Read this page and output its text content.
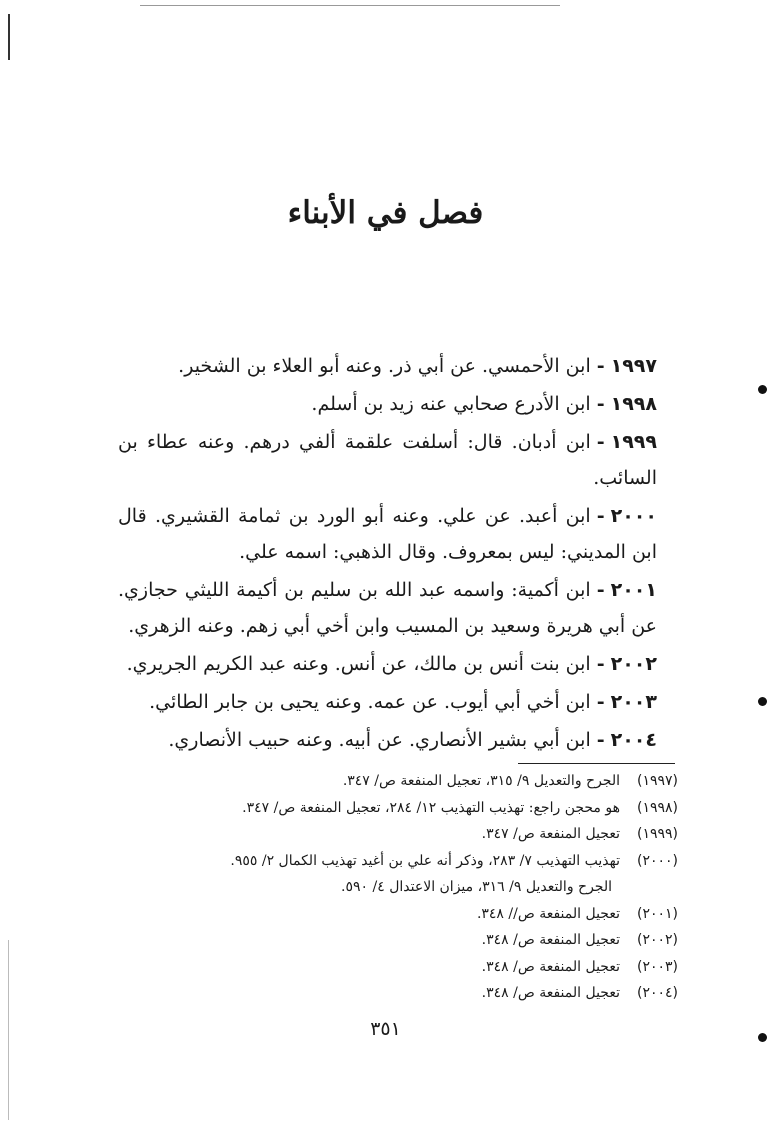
فصل في الأبناء

١٩٩٧-ابن الأحمسي. عن أبي ذر. وعنه أبو العلاء بن الشخير.

١٩٩٨-ابن الأدرع صحابي عنه زيد بن أسلم.

١٩٩٩-ابن أدبان. قال: أسلفت علقمة ألفي درهم. وعنه عطاء بن السائب.

٢٠٠٠-ابن أعبد. عن علي. وعنه أبو الورد بن ثمامة القشيري. قال ابن المديني: ليس بمعروف. وقال الذهبي: اسمه علي.

٢٠٠١-ابن أكمية: واسمه عبد الله بن سليم بن أكيمة الليثي حجازي. عن أبي هريرة وسعيد بن المسيب وابن أخي أبي زهم. وعنه الزهري.

٢٠٠٢-ابن بنت أنس بن مالك، عن أنس. وعنه عبد الكريم الجريري.

٢٠٠٣-ابن أخي أبي أيوب. عن عمه. وعنه يحيى بن جابر الطائي.

٢٠٠٤-ابن أبي بشير الأنصاري. عن أبيه. وعنه حبيب الأنصاري.

(١٩٩٧)الجرح والتعديل ٩/ ٣١٥، تعجيل المنفعة ص/ ٣٤٧.
(١٩٩٨)هو محجن راجع: تهذيب التهذيب ١٢/ ٢٨٤، تعجيل المنفعة ص/ ٣٤٧.
(١٩٩٩)تعجيل المنفعة ص/ ٣٤٧.
(٢٠٠٠)تهذيب التهذيب ٧/ ٢٨٣، وذكر أنه علي بن أغيد تهذيب الكمال ٢/ ٩٥٥.
الجرح والتعديل ٩/ ٣١٦، ميزان الاعتدال ٤/ ٥٩٠.
(٢٠٠١)تعجيل المنفعة ص// ٣٤٨.
(٢٠٠٢)تعجيل المنفعة ص/ ٣٤٨.
(٢٠٠٣)تعجيل المنفعة ص/ ٣٤٨.
(٢٠٠٤)تعجيل المنفعة ص/ ٣٤٨.
٣٥١
